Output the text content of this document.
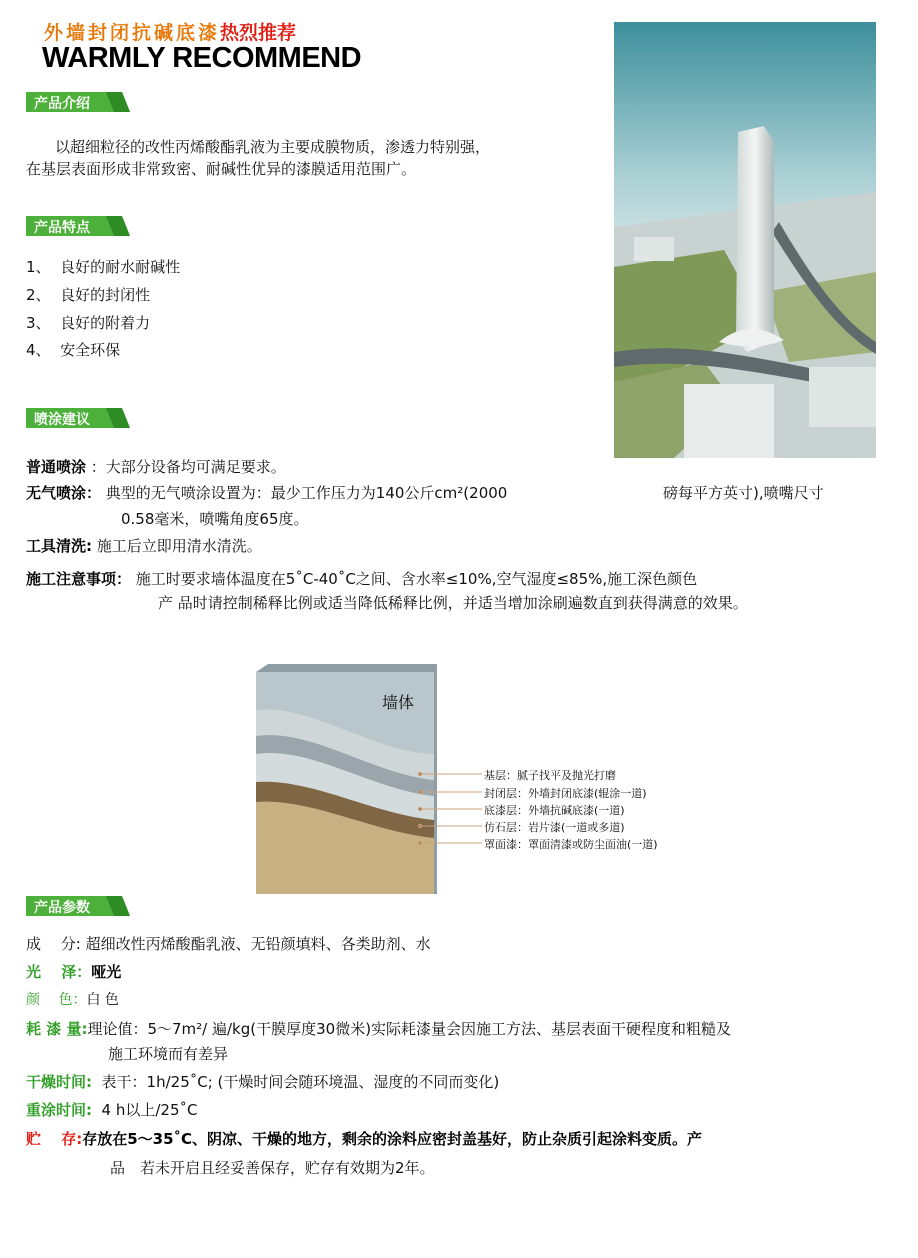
外墙封闭抗碱底漆热烈推荐
WARMLY RECOMMEND
产品介绍
以超细粒径的改性丙烯酸酯乳液为主要成膜物质，渗透力特别强，
在基层表面形成非常致密、耐碱性优异的漆膜适用范围广。
产品特点
1、 良好的耐水耐碱性
2、 良好的封闭性
3、 良好的附着力
4、 安全环保
喷涂建议
普通喷涂 ：大部分设备均可满足要求。
无气喷涂： 典型的无气喷涂设置为：最少工作压力为140公斤cm²(2000	磅每平方英寸),喷嘴尺寸
0.58毫米，喷嘴角度65度。
工具清洗: 施工后立即用清水清洗。
施工注意事项： 施工时要求墙体温度在5˚C-40˚C之间、含水率≤10%,空气湿度≤85%,施工深色颜色
产 品时请控制稀释比例或适当降低稀释比例，并适当增加涂刷遍数直到获得满意的效果。
墙体
基层：腻子找平及抛光打磨
封闭层：外墙封闭底漆(辊涂一道)
底漆层：外墙抗碱底漆(一道)
仿石层：岩片漆(一道或多道)
罩面漆：罩面清漆或防尘面油(一道)
产品参数
成　 分: 超细改性丙烯酸酯乳液、无铅颜填料、各类助剂、水
光　 泽：哑光
颜　 色：白 色
耗 漆 量:理论值：5～7m²/ 遍/kg(干膜厚度30微米)实际耗漆量会因施工方法、基层表面干硬程度和粗糙及
施工环境而有差异
干燥时间: 表干：1h/25˚C; (干燥时间会随环境温、湿度的不同而变化)
重涂时间: 4 h以上/25˚C
贮　 存:存放在5～35˚C、阴凉、干燥的地方，剩余的涂料应密封盖基好，防止杂质引起涂料变质。产
品　若未开启且经妥善保存，贮存有效期为2年。
